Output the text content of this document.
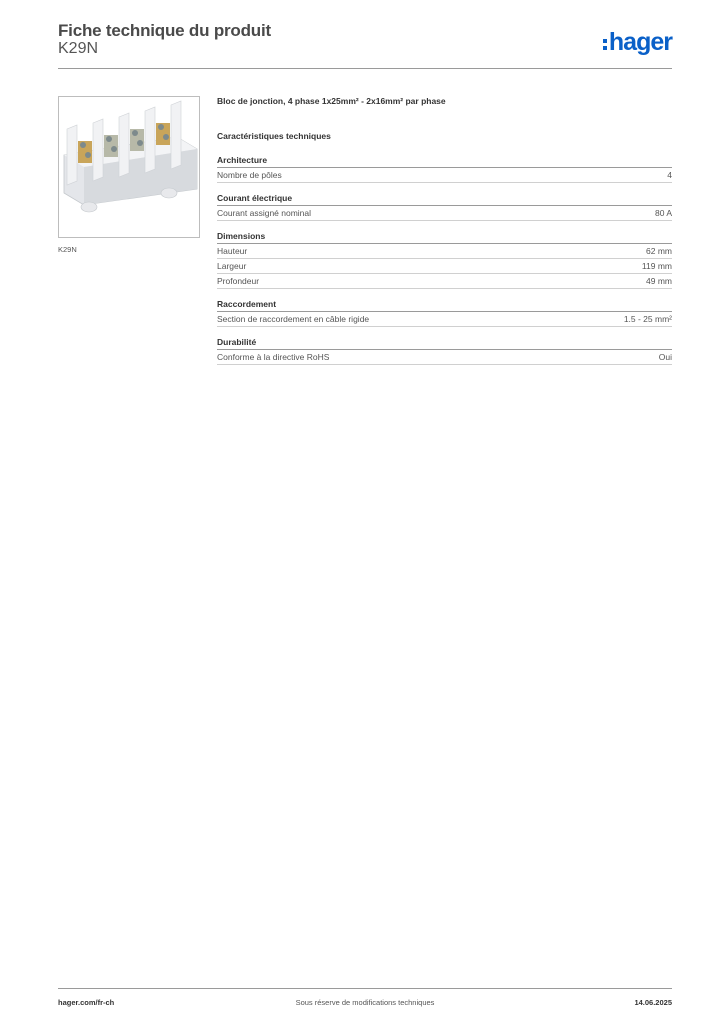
Fiche technique du produit
K29N	hager
K29N
Bloc de jonction, 4 phase 1x25mm² - 2x16mm² par phase
Caractéristiques techniques
Architecture
Nombre de pôles	4
Courant électrique
Courant assigné nominal	80 A
Dimensions
Hauteur	62 mm
Largeur	119 mm
Profondeur	49 mm
Raccordement
Section de raccordement en câble rigide	1.5 - 25 mm²
Durabilité
Conforme à la directive RoHS	Oui
hager.com/fr-ch	Sous réserve de modifications techniques	14.06.2025
